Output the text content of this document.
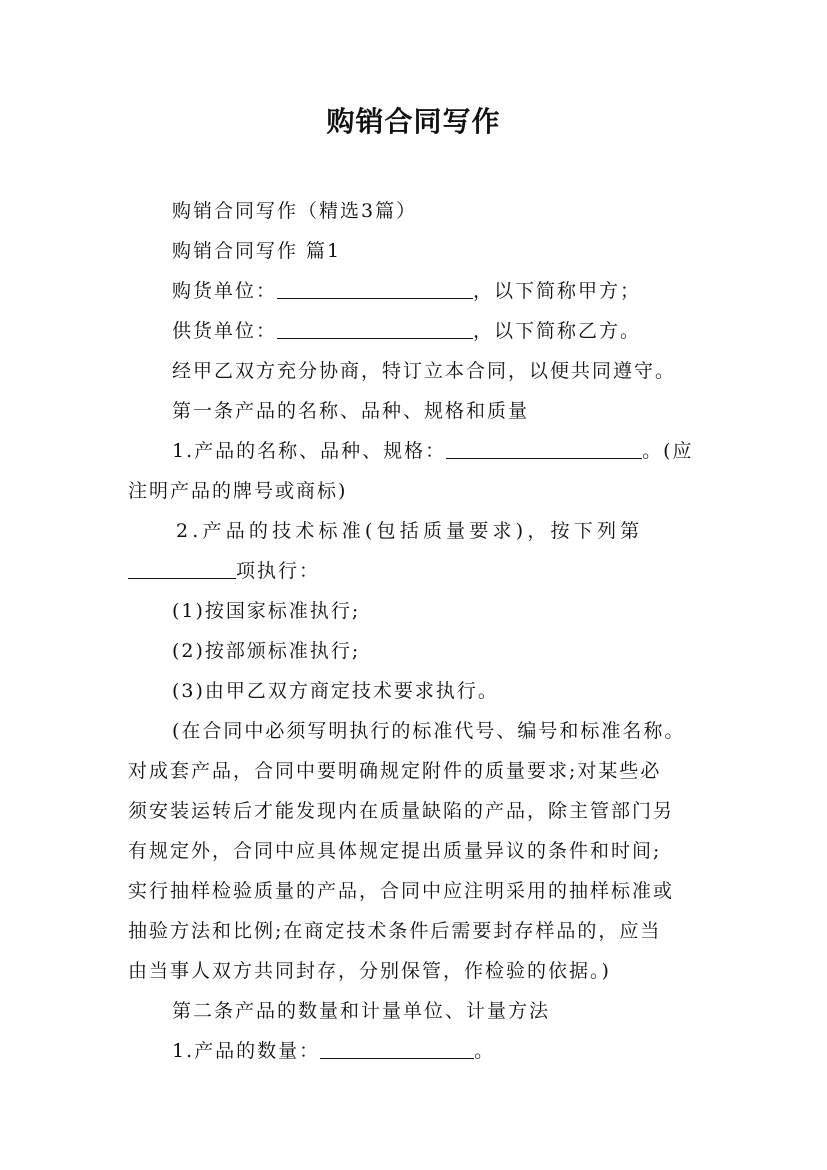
购销合同写作
购销合同写作（精选3篇）
购销合同写作 篇1
购货单位：	，以下简称甲方；
供货单位：	，以下简称乙方。
经甲乙双方充分协商，特订立本合同，以便共同遵守。
第一条产品的名称、品种、规格和质量
1.产品的名称、品种、规格：	。(应
注明产品的牌号或商标)
2.产品的技术标准(包括质量要求)，按下列第
项执行：
(1)按国家标准执行;
(2)按部颁标准执行;
(3)由甲乙双方商定技术要求执行。
(在合同中必须写明执行的标准代号、编号和标准名称。
对成套产品，合同中要明确规定附件的质量要求;对某些必
须安装运转后才能发现内在质量缺陷的产品，除主管部门另
有规定外，合同中应具体规定提出质量异议的条件和时间;
实行抽样检验质量的产品，合同中应注明采用的抽样标准或
抽验方法和比例;在商定技术条件后需要封存样品的，应当
由当事人双方共同封存，分别保管，作检验的依据。)
第二条产品的数量和计量单位、计量方法
1.产品的数量：	。
